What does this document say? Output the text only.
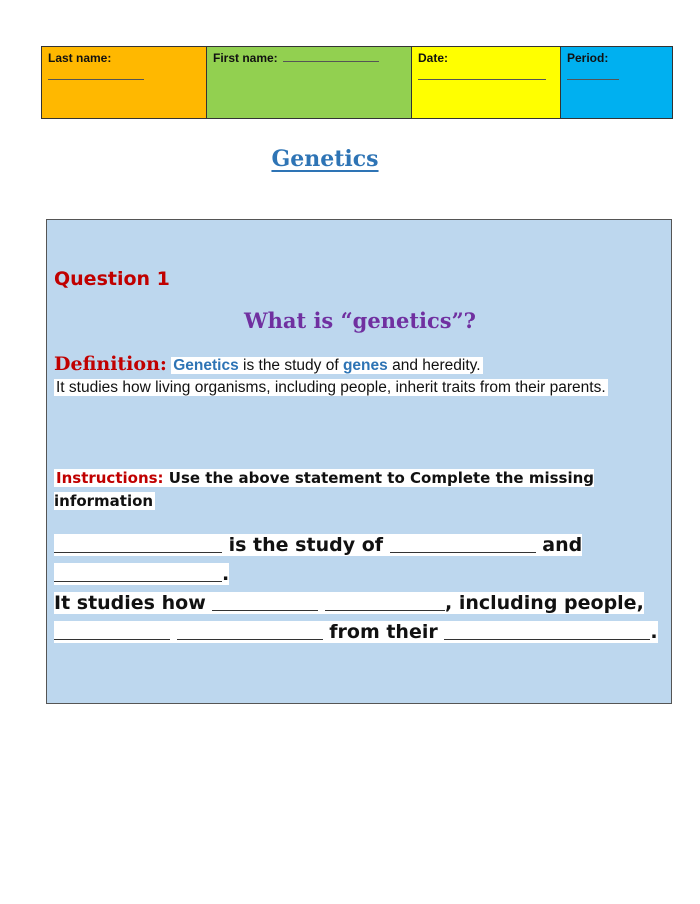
Last name:	First name:	Date:	Period:
Genetics
Question 1
What is “genetics”?
Definition: Genetics is the study of genes and heredity.
It studies how living organisms, including people, inherit traits from their parents.
Instructions: Use the above statement to Complete the missing information
is the study of	and
.
It studies how	, including people,
from their	.
